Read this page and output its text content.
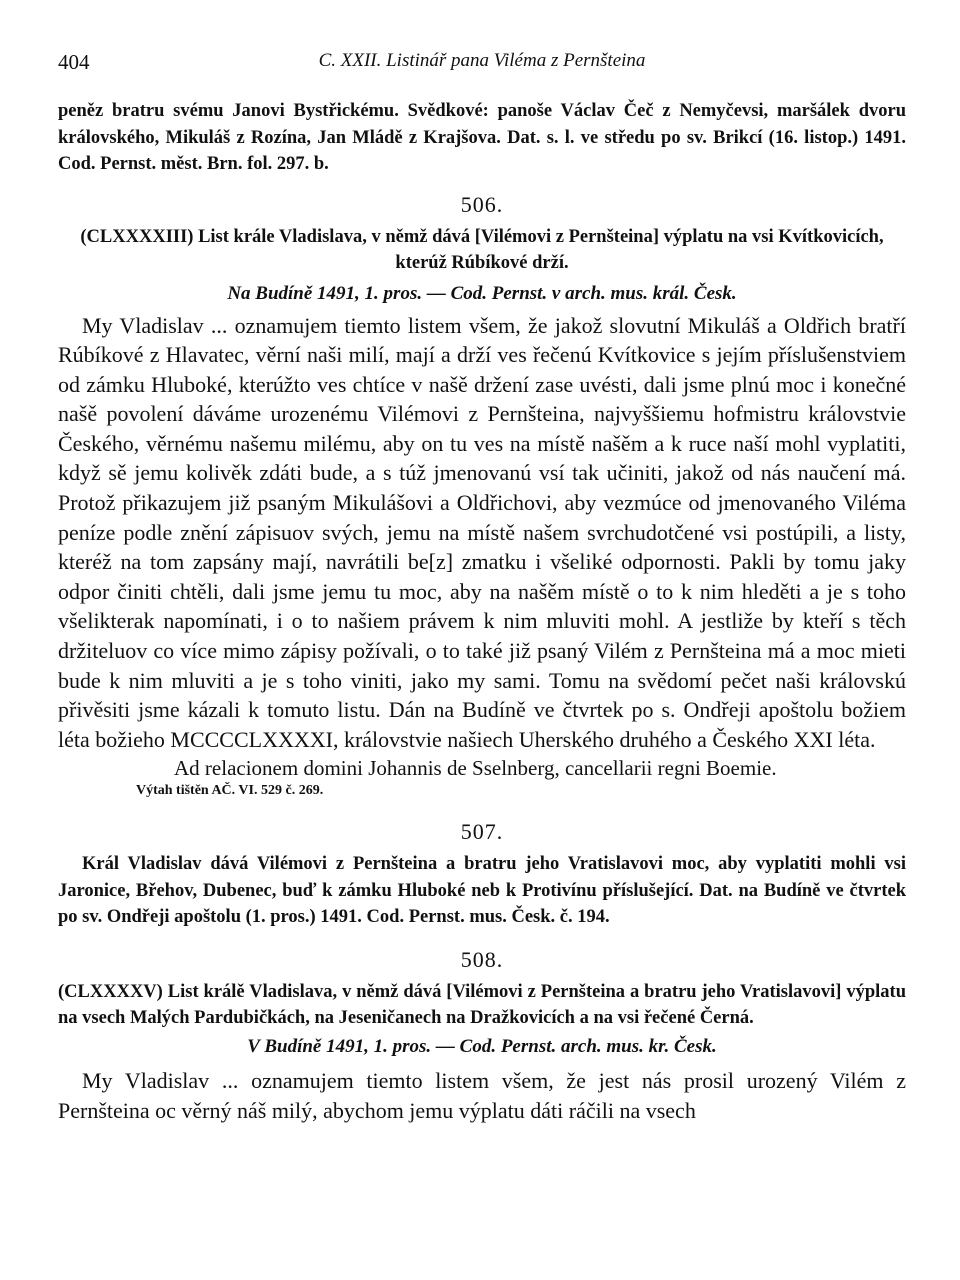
404	C. XXII. Listinář pana Viléma z Pernšteina
peněz bratru svému Janovi Bystřickému. Svědkové: panoše Václav Čeč z Nemyčevsi, maršálek dvoru královského, Mikuláš z Rozína, Jan Mládě z Krajšova. Dat. s. l. ve středu po sv. Brikcí (16. listop.) 1491. Cod. Pernst. měst. Brn. fol. 297. b.
506.
(CLXXXXIII) List krále Vladislava, v němž dává [Vilémovi z Pernšteina] výplatu na vsi Kvítkovicích, kterúž Rúbíkové drží.
Na Budíně 1491, 1. pros. — Cod. Pernst. v arch. mus. král. Česk.
My Vladislav ... oznamujem tiemto listem všem, že jakož slovutní Mikuláš a Oldřich bratří Rúbíkové z Hlavatec, věrní naši milí, mají a drží ves řečenú Kvítkovice s jejím příslušenstviem od zámku Hluboké, kterúžto ves chtíce v našě držení zase uvésti, dali jsme plnú moc i konečné našě povolení dáváme urozenému Vilémovi z Pernšteina, najvyššiemu hofmistru královstvie Českého, věrnému našemu milému, aby on tu ves na místě našěm a k ruce naší mohl vyplatiti, když sě jemu kolivěk zdáti bude, a s túž jmenovanú vsí tak učiniti, jakož od nás naučení má. Protož přikazujem již psaným Mikulášovi a Oldřichovi, aby vezmúce od jmenovaného Viléma peníze podle znění zápisuov svých, jemu na místě našem svrchudotčené vsi postúpili, a listy, kteréž na tom zapsány mají, navrátili be[z] zmatku i všeliké odpornosti. Pakli by tomu jaky odpor činiti chtěli, dali jsme jemu tu moc, aby na našěm místě o to k nim hleděti a je s toho všelikterak napomínati, i o to našiem právem k nim mluviti mohl. A jestliže by kteří s těch držiteluov co více mimo zápisy požívali, o to také již psaný Vilém z Pernšteina má a moc mieti bude k nim mluviti a je s toho viniti, jako my sami. Tomu na svědomí pečet naši královskú přivěsiti jsme kázali k tomuto listu. Dán na Budíně ve čtvrtek po s. Ondřeji apoštolu božiem léta božieho MCCCCLXXXXI, královstvie našiech Uherského druhého a Českého XXI léta.
Ad relacionem domini Johannis de Sselnberg, cancellarii regni Boemie.
Výtah tištěn AČ. VI. 529 č. 269.
507.
Král Vladislav dává Vilémovi z Pernšteina a bratru jeho Vratislavovi moc, aby vyplatiti mohli vsi Jaronice, Břehov, Dubenec, buď k zámku Hluboké neb k Protivínu příslušející. Dat. na Budíně ve čtvrtek po sv. Ondřeji apoštolu (1. pros.) 1491. Cod. Pernst. mus. Česk. č. 194.
508.
(CLXXXXV) List králě Vladislava, v němž dává [Vilémovi z Pernšteina a bratru jeho Vratislavovi] výplatu na vsech Malých Pardubičkách, na Jeseničanech na Dražkovicích a na vsi řečené Černá.
V Budíně 1491, 1. pros. — Cod. Pernst. arch. mus. kr. Česk.
My Vladislav ... oznamujem tiemto listem všem, že jest nás prosil urozený Vilém z Pernšteina oc věrný náš milý, abychom jemu výplatu dáti ráčili na vsech
